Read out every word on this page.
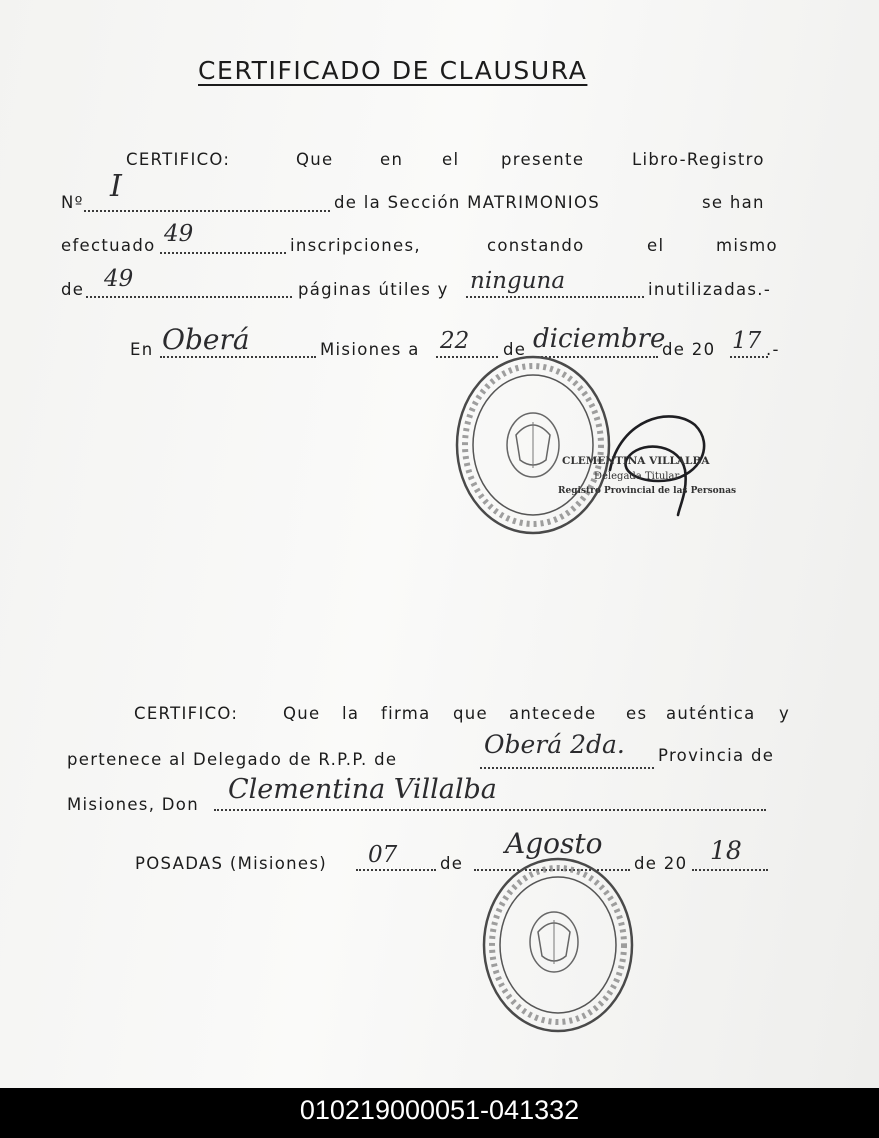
CERTIFICADO DE CLAUSURA
CERTIFICO:	Que	en el	presente	Libro-Registro
Nº I	de la Sección MATRIMONIOS	se han
efectuado 49	inscripciones,	constando	el	mismo
de 49	páginas útiles y ninguna	inutilizadas.-
En Oberá	Misiones a 22 de diciembre
de 20 17 .-
CLEMENTINA VILLALBA
Delegada Titular
Registro Provincial de las Personas
CERTIFICO:	Que la firma que antecede es auténtica y
pertenece al Delegado de R.P.P. de
Oberá 2da. Provincia de
Misiones, Don Clementina Villalba
POSADAS (Misiones) 07	de
Agosto
de 20 18
010219000051-041332
